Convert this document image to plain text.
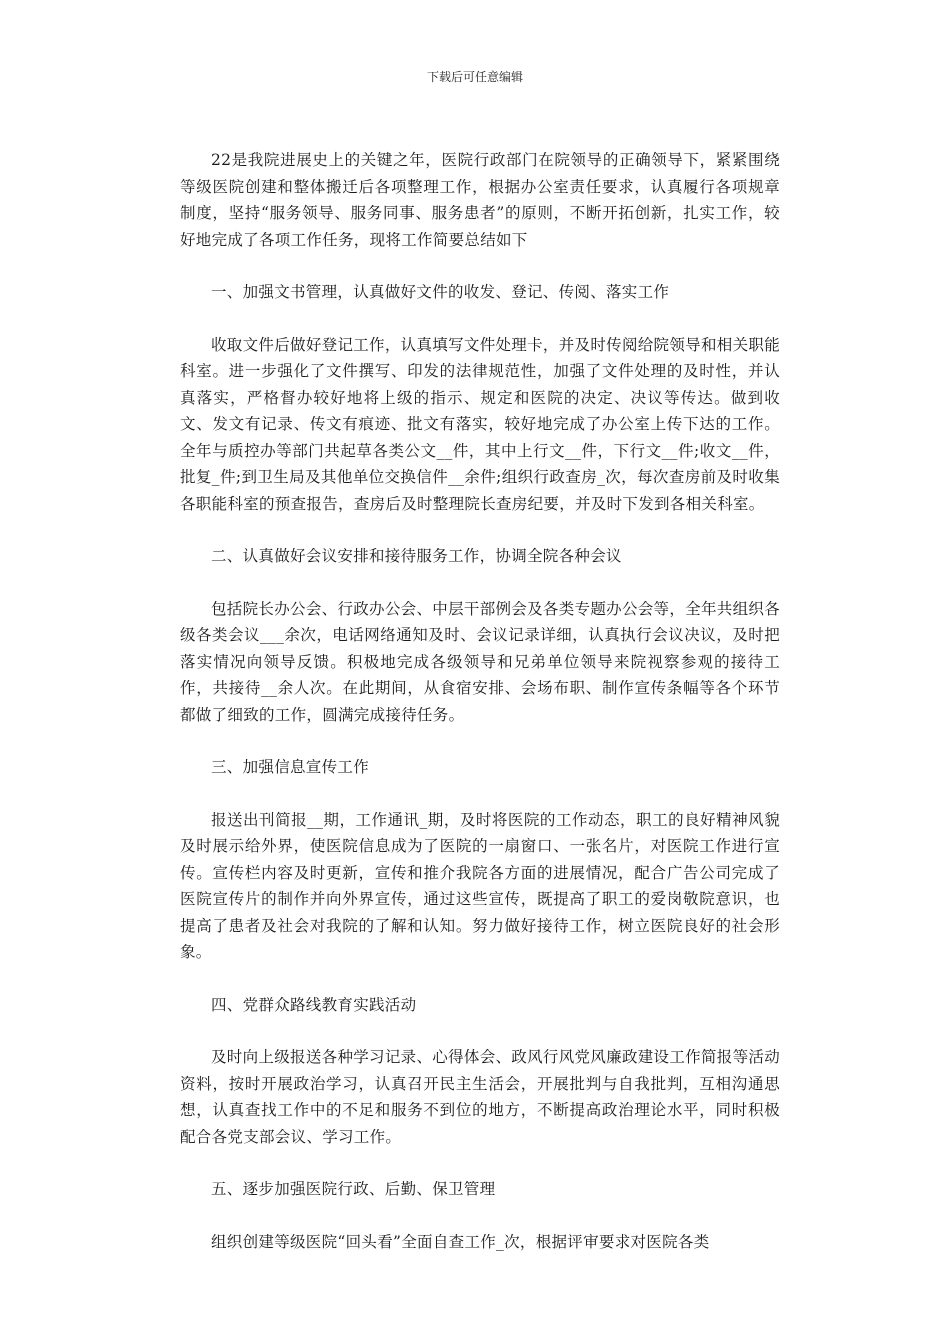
下载后可任意编辑

22是我院进展史上的关键之年，医院行政部门在院领导的正确领导下，紧紧围绕等级医院创建和整体搬迁后各项整理工作，根据办公室责任要求，认真履行各项规章制度，坚持“服务领导、服务同事、服务患者”的原则，不断开拓创新，扎实工作，较好地完成了各项工作任务，现将工作简要总结如下

一、加强文书管理，认真做好文件的收发、登记、传阅、落实工作

收取文件后做好登记工作，认真填写文件处理卡，并及时传阅给院领导和相关职能科室。进一步强化了文件撰写、印发的法律规范性，加强了文件处理的及时性，并认真落实，严格督办较好地将上级的指示、规定和医院的决定、决议等传达。做到收文、发文有记录、传文有痕迹、批文有落实，较好地完成了办公室上传下达的工作。全年与质控办等部门共起草各类公文__件，其中上行文__件，下行文__件;收文__件，批复_件;到卫生局及其他单位交换信件__余件;组织行政查房_次，每次查房前及时收集各职能科室的预查报告，查房后及时整理院长查房纪要，并及时下发到各相关科室。

二、认真做好会议安排和接待服务工作，协调全院各种会议

包括院长办公会、行政办公会、中层干部例会及各类专题办公会等，全年共组织各级各类会议___余次，电话网络通知及时、会议记录详细，认真执行会议决议，及时把落实情况向领导反馈。积极地完成各级领导和兄弟单位领导来院视察参观的接待工作，共接待__余人次。在此期间，从食宿安排、会场布职、制作宣传条幅等各个环节都做了细致的工作，圆满完成接待任务。

三、加强信息宣传工作

报送出刊简报__期，工作通讯_期，及时将医院的工作动态，职工的良好精神风貌及时展示给外界，使医院信息成为了医院的一扇窗口、一张名片，对医院工作进行宣传。宣传栏内容及时更新，宣传和推介我院各方面的进展情况，配合广告公司完成了医院宣传片的制作并向外界宣传，通过这些宣传，既提高了职工的爱岗敬院意识，也提高了患者及社会对我院的了解和认知。努力做好接待工作，树立医院良好的社会形象。

四、党群众路线教育实践活动

及时向上级报送各种学习记录、心得体会、政风行风党风廉政建设工作简报等活动资料，按时开展政治学习，认真召开民主生活会，开展批判与自我批判，互相沟通思想，认真查找工作中的不足和服务不到位的地方，不断提高政治理论水平，同时积极配合各党支部会议、学习工作。

五、逐步加强医院行政、后勤、保卫管理

组织创建等级医院“回头看”全面自查工作_次，根据评审要求对医院各类
